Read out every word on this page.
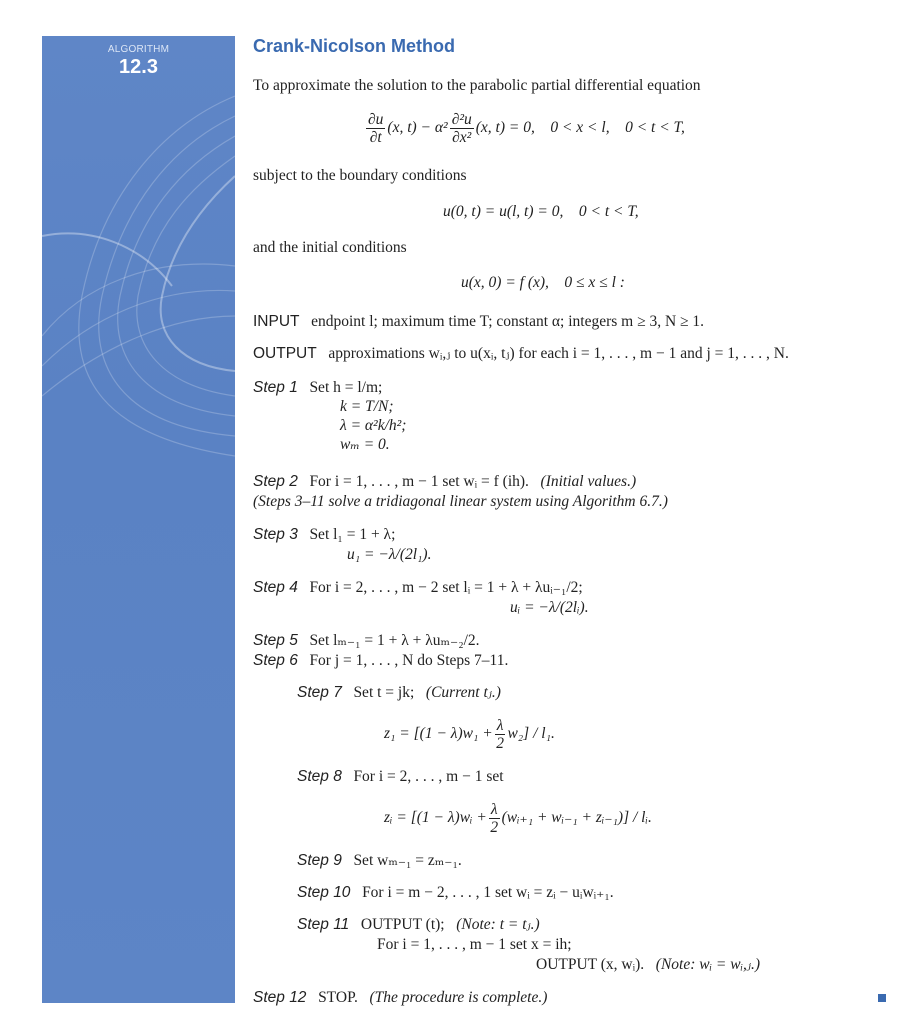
ALGORITHM
12.3
Crank-Nicolson Method
To approximate the solution to the parabolic partial differential equation
$\frac{\partial u}{\partial t} (x$, $t) - \alpha^2 \frac{\text{∂²u}}{\text{∂x²}} (x$, t) = 0,    0 < x < l,    0 < t < T,
subject to the boundary conditions
u(0, t) = u(l, t) = 0,    0 < t < T,
and the initial conditions
u(x, 0) = f (x),    0 ≤ x ≤ l :
INPUT endpoint l; maximum time T; constant α; integers m ≥ 3, N ≥ 1.
OUTPUT approximations wᵢ,ⱼ to u(xᵢ, tⱼ) for each i = 1, . . . , m − 1 and j = 1, . . . , N.
Step 1 Set h = l/m;
k = T/N;
λ = α²k/h²;
wₘ = 0.
Step 2 For i = 1, . . . , m − 1 set wᵢ = f (ih). (Initial values.)
(Steps 3–11 solve a tridiagonal linear system using Algorithm 6.7.)
Step 3 Set l₁ = 1 + λ;
u₁ = −λ/(2l₁).
Step 4 For i = 2, . . . , m − 2 set lᵢ = 1 + λ + λuᵢ₋₁/2;
uᵢ = −λ/(2lᵢ).
Step 5 Set lₘ₋₁ = 1 + λ + λuₘ₋₂/2.
Step 6 For j = 1, . . . , N do Steps 7–11.
Step 7 Set t = jk; (Current tⱼ.)
$z_1 = [(1 - \lambda)w_1 + \frac{\lambda}{2} w_2] / l_1$.
Step 8 For i = 2, . . . , m − 1 set
zᵢ = [(1 − λ)wᵢ + $\frac{\lambda}{2}$ (wᵢ₊₁ + wᵢ₋₁ + zᵢ₋₁)] / lᵢ.
Step 9 Set wₘ₋₁ = zₘ₋₁.
Step 10 For i = m − 2, . . . , 1 set wᵢ = zᵢ − uᵢwᵢ₊₁.
Step 11 OUTPUT (t); (Note: t = tⱼ.)
For i = 1, . . . , m − 1 set x = ih;
OUTPUT (x, wᵢ). (Note: wᵢ = wᵢ,ⱼ.)
Step 12 STOP. (The procedure is complete.)
